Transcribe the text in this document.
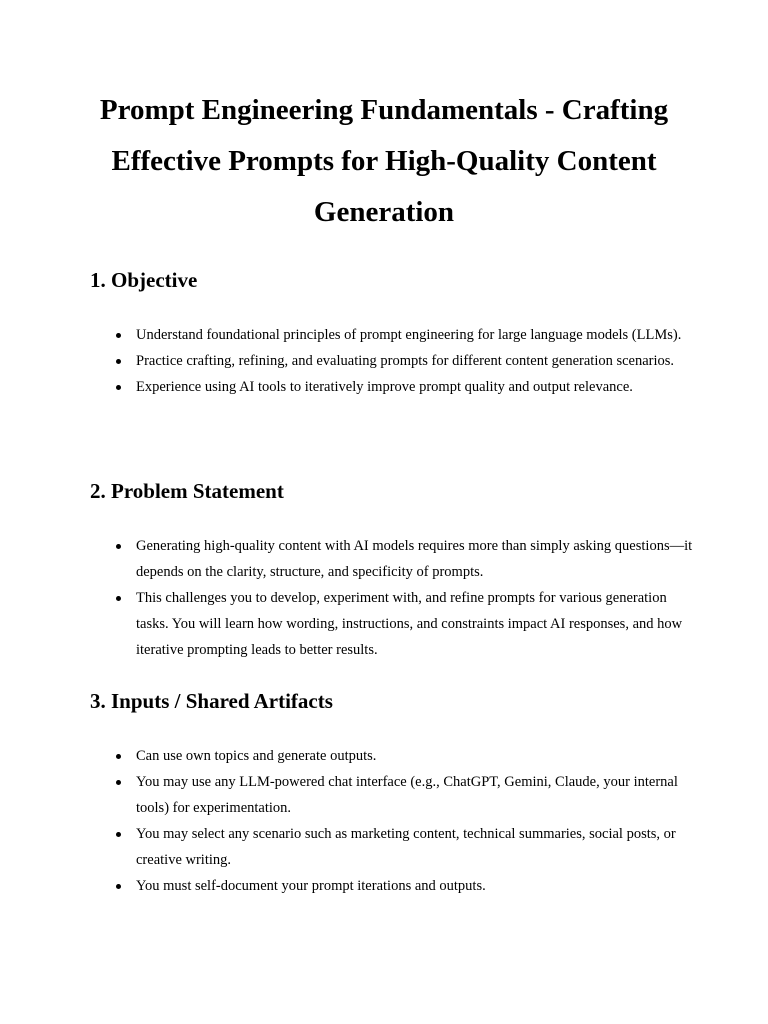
Prompt Engineering Fundamentals - Crafting Effective Prompts for High-Quality Content Generation
1. Objective
Understand foundational principles of prompt engineering for large language models (LLMs).
Practice crafting, refining, and evaluating prompts for different content generation scenarios.
Experience using AI tools to iteratively improve prompt quality and output relevance.
2. Problem Statement
Generating high-quality content with AI models requires more than simply asking questions—it depends on the clarity, structure, and specificity of prompts.
This challenges you to develop, experiment with, and refine prompts for various generation tasks. You will learn how wording, instructions, and constraints impact AI responses, and how iterative prompting leads to better results.
3. Inputs / Shared Artifacts
Can use own topics and generate outputs.
You may use any LLM-powered chat interface (e.g., ChatGPT, Gemini, Claude, your internal tools) for experimentation.
You may select any scenario such as marketing content, technical summaries, social posts, or creative writing.
You must self-document your prompt iterations and outputs.
